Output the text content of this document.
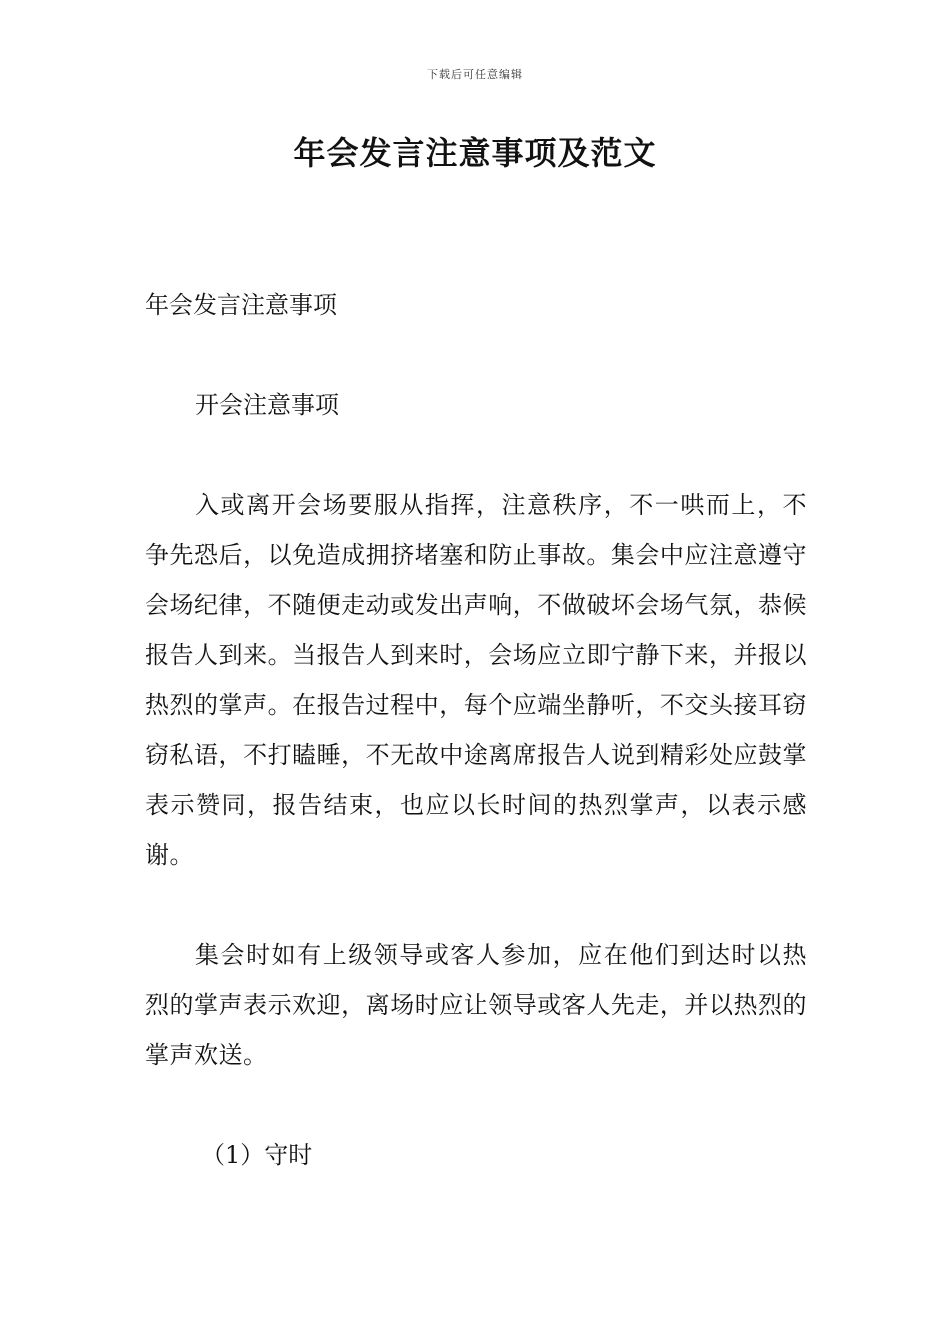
下载后可任意编辑
年会发言注意事项及范文

年会发言注意事项

开会注意事项

入或离开会场要服从指挥，注意秩序，不一哄而上，不争先恐后，以免造成拥挤堵塞和防止事故。集会中应注意遵守会场纪律，不随便走动或发出声响，不做破坏会场气氛，恭候报告人到来。当报告人到来时，会场应立即宁静下来，并报以热烈的掌声。在报告过程中，每个应端坐静听，不交头接耳窃窃私语，不打瞌睡，不无故中途离席报告人说到精彩处应鼓掌表示赞同，报告结束，也应以长时间的热烈掌声，以表示感谢。

集会时如有上级领导或客人参加，应在他们到达时以热烈的掌声表示欢迎，离场时应让领导或客人先走，并以热烈的掌声欢送。

（1）守时
